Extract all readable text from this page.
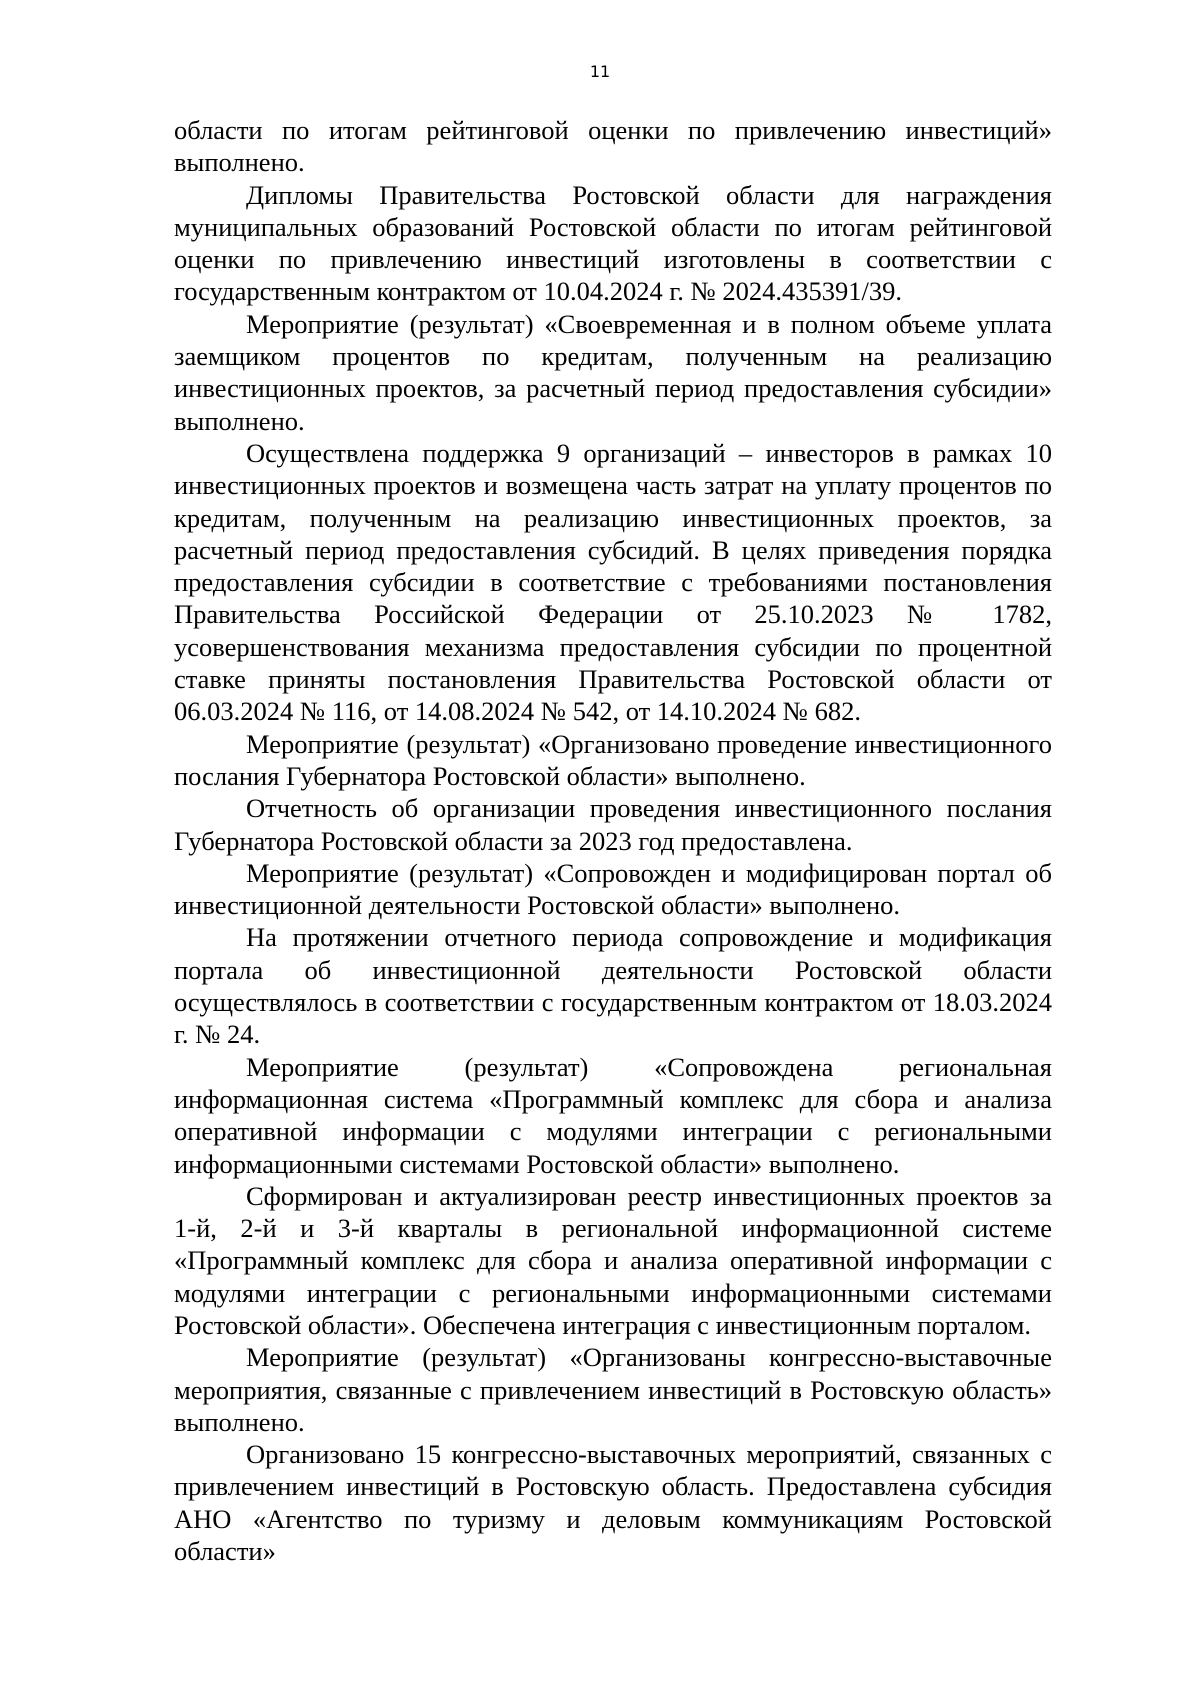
11

области по итогам рейтинговой оценки по привлечению инвестиций» выполнено.

Дипломы Правительства Ростовской области для награждения муниципальных образований Ростовской области по итогам рейтинговой оценки по привлечению инвестиций изготовлены в соответствии с государственным контрактом от 10.04.2024 г. № 2024.435391/39.

Мероприятие (результат) «Своевременная и в полном объеме уплата заемщиком процентов по кредитам, полученным на реализацию инвестиционных проектов, за расчетный период предоставления субсидии» выполнено.

Осуществлена поддержка 9 организаций – инвесторов в рамках 10 инвестиционных проектов и возмещена часть затрат на уплату процентов по кредитам, полученным на реализацию инвестиционных проектов, за расчетный период предоставления субсидий. В целях приведения порядка предоставления субсидии в соответствие с требованиями постановления Правительства Российской Федерации от 25.10.2023 № 1782, усовершенствования механизма предоставления субсидии по процентной ставке приняты постановления Правительства Ростовской области от 06.03.2024 № 116, от 14.08.2024 № 542, от 14.10.2024 № 682.

Мероприятие (результат) «Организовано проведение инвестиционного послания Губернатора Ростовской области» выполнено.

Отчетность об организации проведения инвестиционного послания Губернатора Ростовской области за 2023 год предоставлена.

Мероприятие (результат) «Сопровожден и модифицирован портал об инвестиционной деятельности Ростовской области» выполнено.

На протяжении отчетного периода сопровождение и модификация портала об инвестиционной деятельности Ростовской области осуществлялось в соответствии с государственным контрактом от 18.03.2024 г. № 24.

Мероприятие (результат) «Сопровождена региональная информационная система «Программный комплекс для сбора и анализа оперативной информации с модулями интеграции с региональными информационными системами Ростовской области» выполнено.

Сформирован и актуализирован реестр инвестиционных проектов за 1-й, 2-й и 3-й кварталы в региональной информационной системе «Программный комплекс для сбора и анализа оперативной информации с модулями интеграции с региональными информационными системами Ростовской области». Обеспечена интеграция с инвестиционным порталом.

Мероприятие (результат) «Организованы конгрессно-выставочные мероприятия, связанные с привлечением инвестиций в Ростовскую область» выполнено.

Организовано 15 конгрессно-выставочных мероприятий, связанных с привлечением инвестиций в Ростовскую область. Предоставлена субсидия АНО «Агентство по туризму и деловым коммуникациям Ростовской области»
